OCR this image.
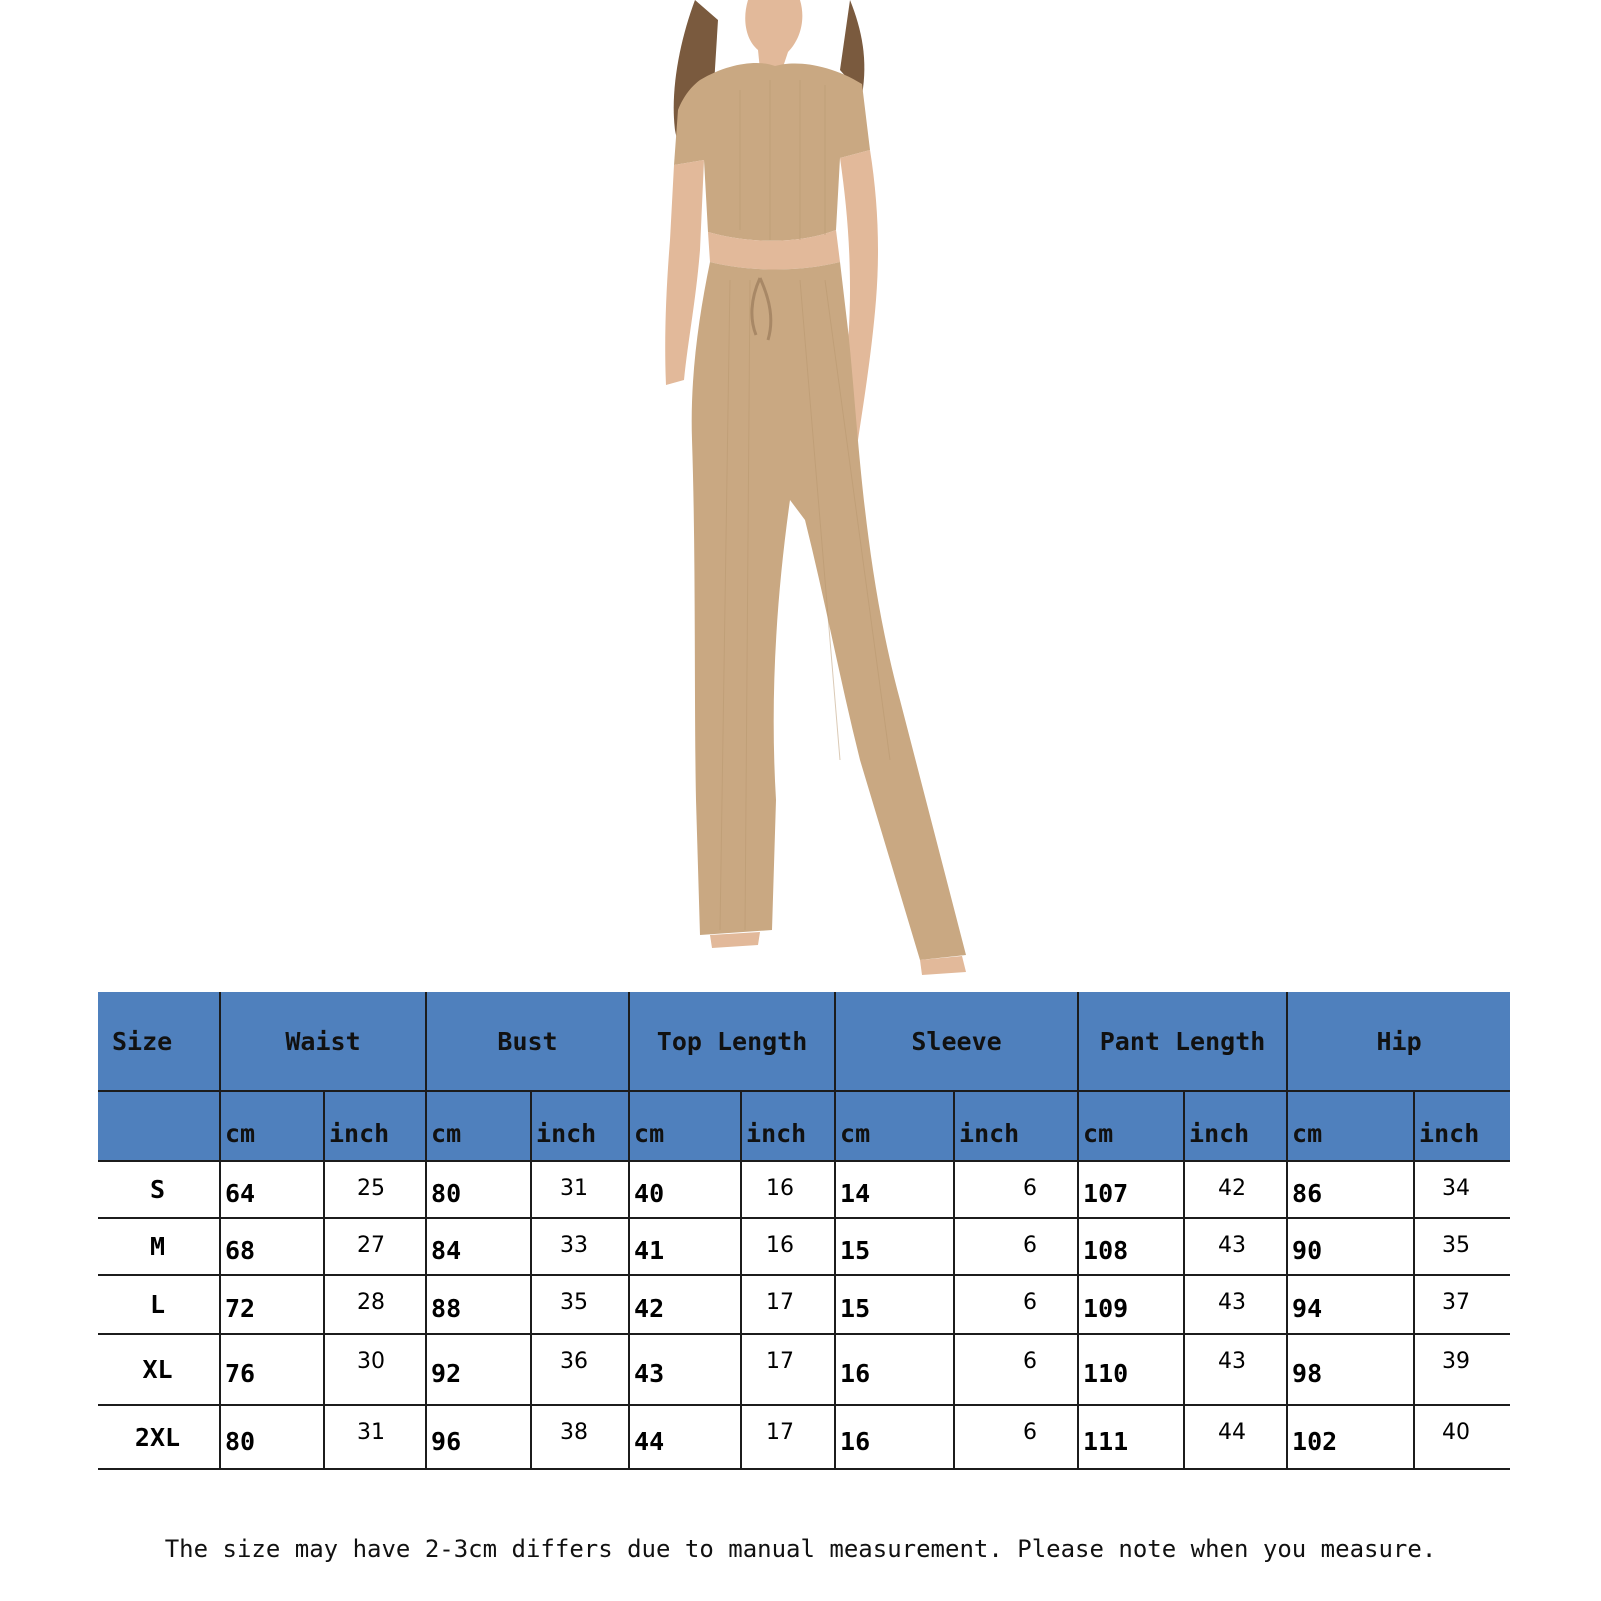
Size	Waist		Bust		Top Length		Sleeve		Pant Length		Hip	
	cm	inch	cm	inch	cm	inch	cm	inch	cm	inch	cm	inch
S	64	25	80	31	40	16	14	6	107	42	86	34
M	68	27	84	33	41	16	15	6	108	43	90	35
L	72	28	88	35	42	17	15	6	109	43	94	37
XL	76	30	92	36	43	17	16	6	110	43	98	39
2XL	80	31	96	38	44	17	16	6	111	44	102	40
The size may have 2-3cm differs due to manual measurement. Please note when you measure.
